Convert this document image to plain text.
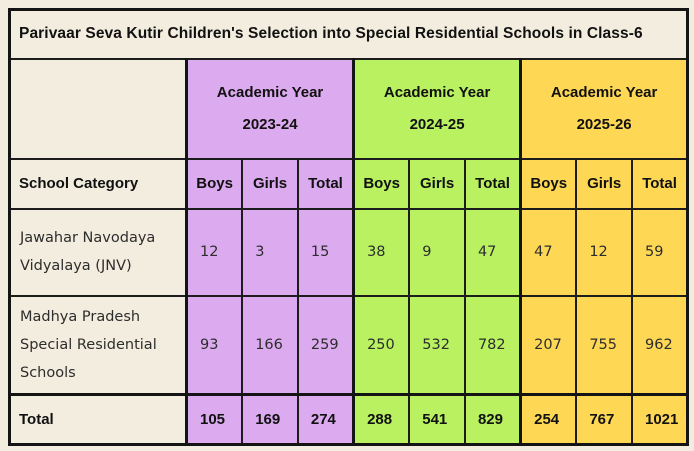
Parivaar Seva Kutir Children's Selection into Special Residential Schools in Class-6									

Academic Year
2023-24

Academic Year
2024-25

Academic Year
2025-26

School Category	Boys	Girls	Total	Boys	Girls	Total	Boys	Girls	Total
Jawahar Navodaya Vidyalaya (JNV)	12	3	15	38	9	47	47	12	59
Madhya Pradesh Special Residential Schools	93	166	259	250	532	782	207	755	962
Total	105	169	274	288	541	829	254	767	1021
